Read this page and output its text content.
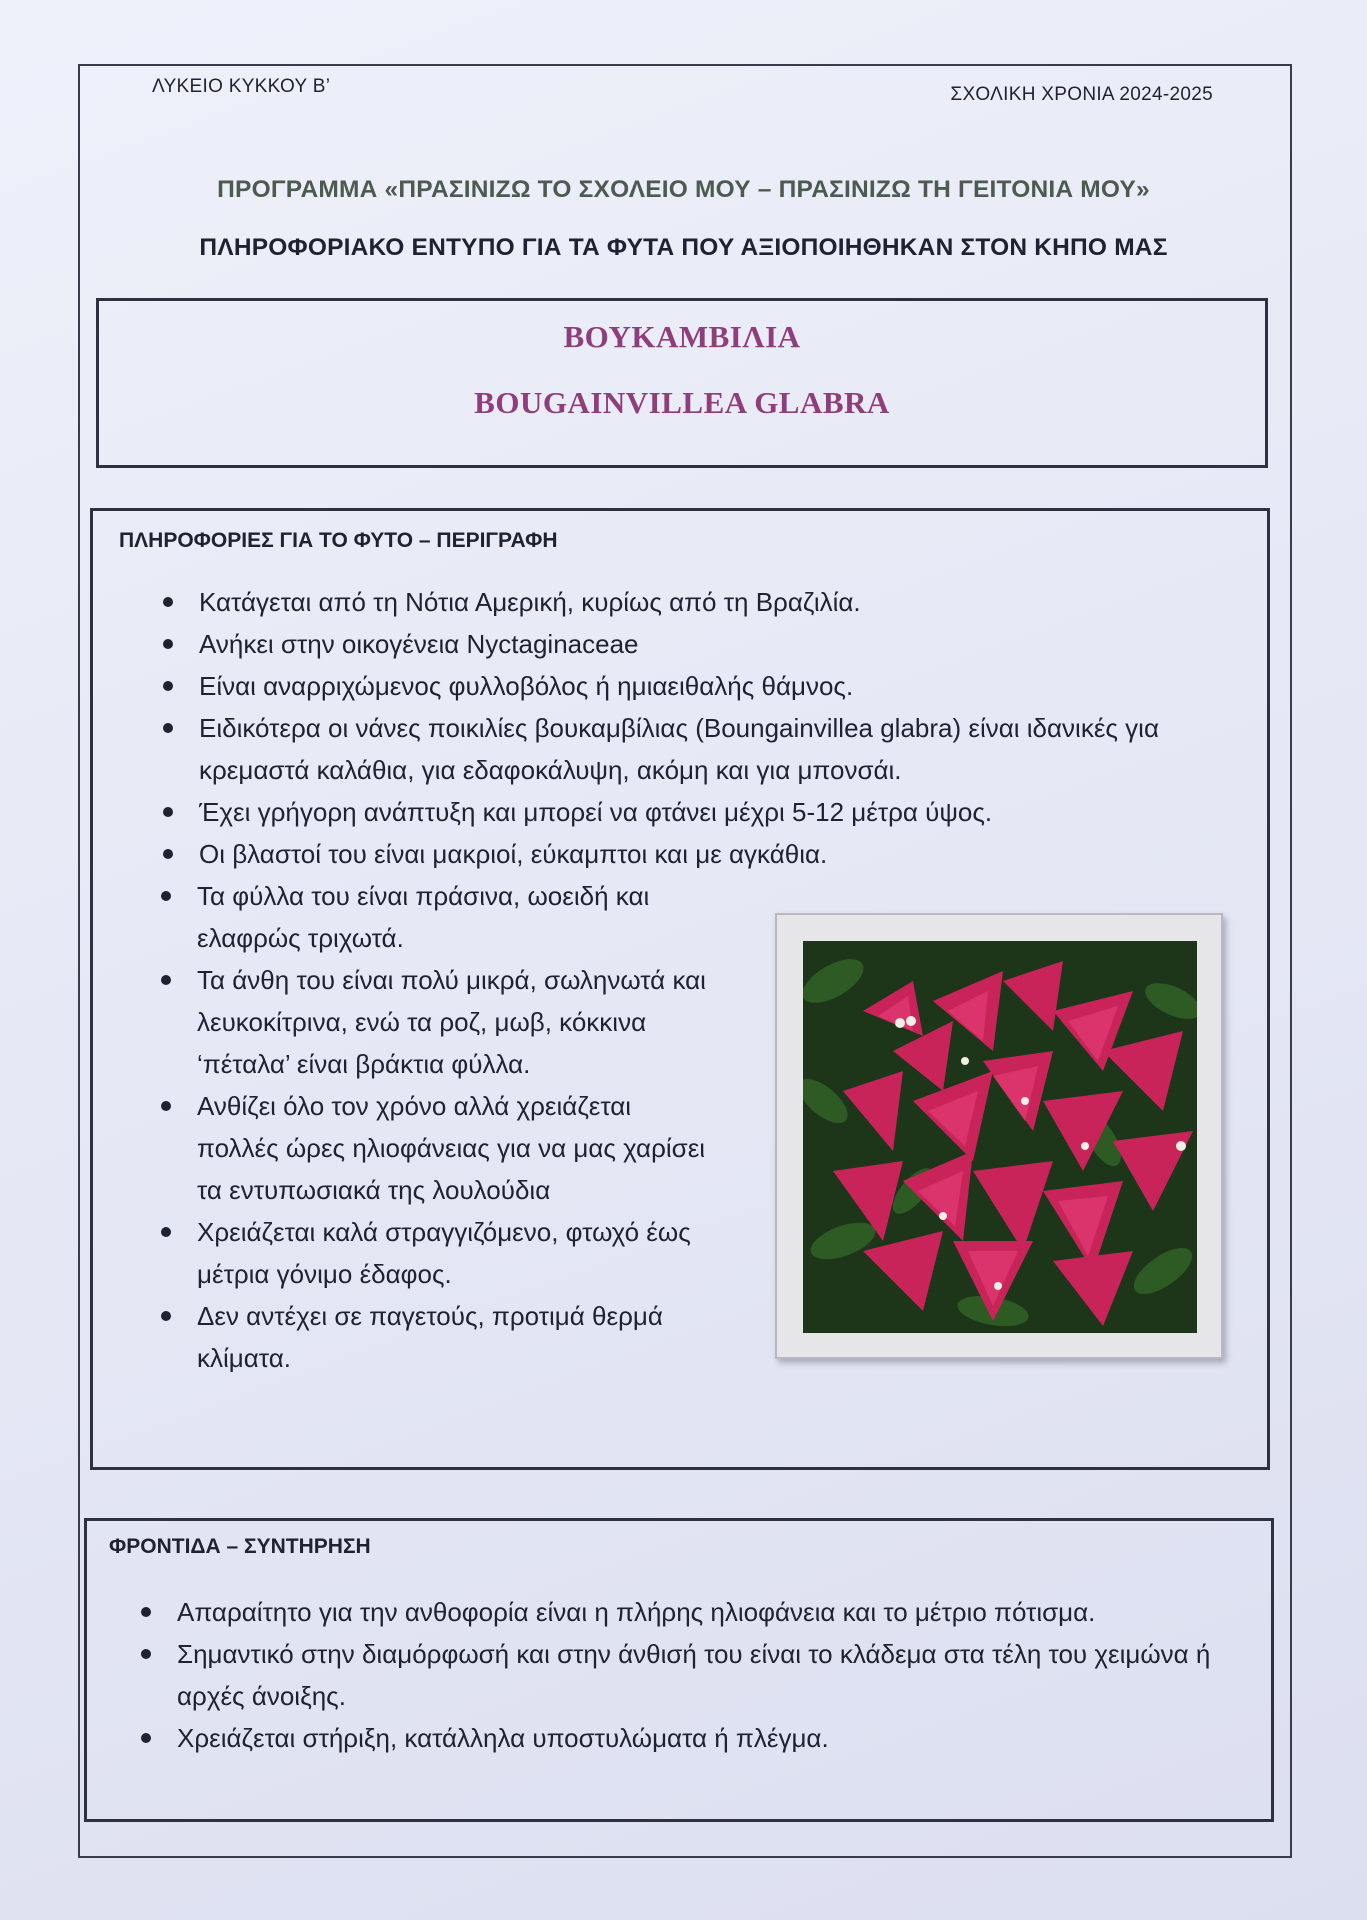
ΛΥΚΕΙΟ ΚΥΚΚΟΥ Β’	ΣΧΟΛΙΚΗ ΧΡΟΝΙΑ 2024-2025
ΠΡΟΓΡΑΜΜΑ «ΠΡΑΣΙΝΙΖΩ ΤΟ ΣΧΟΛΕΙΟ ΜΟΥ – ΠΡΑΣΙΝΙΖΩ ΤΗ ΓΕΙΤΟΝΙΑ ΜΟΥ»
ΠΛΗΡΟΦΟΡΙΑΚΟ ΕΝΤΥΠΟ ΓΙΑ ΤΑ ΦΥΤΑ ΠΟΥ ΑΞΙΟΠΟΙΗΘΗΚΑΝ ΣΤΟΝ ΚΗΠΟ ΜΑΣ
ΒΟΥΚΑΜΒΙΛΙΑ
BOUGAINVILLEA GLABRA
ΠΛΗΡΟΦΟΡΙΕΣ ΓΙΑ ΤΟ ΦΥΤΟ – ΠΕΡΙΓΡΑΦΗ
Κατάγεται από τη Νότια Αμερική, κυρίως από τη Βραζιλία.
Ανήκει στην οικογένεια Nyctaginaceae
Είναι αναρριχώμενος φυλλοβόλος ή ημιαειθαλής θάμνος.
Ειδικότερα οι νάνες ποικιλίες βουκαμβίλιας (Boungainvillea glabra) είναι ιδανικές για κρεμαστά καλάθια, για εδαφοκάλυψη, ακόμη και για μπονσάι.
Έχει γρήγορη ανάπτυξη και μπορεί να φτάνει μέχρι 5-12 μέτρα ύψος.
Οι βλαστοί του είναι μακριοί, εύκαμπτοι και με αγκάθια.
Τα φύλλα του είναι πράσινα, ωοειδή και ελαφρώς τριχωτά.
Τα άνθη του είναι πολύ μικρά, σωληνωτά και λευκοκίτρινα, ενώ τα ροζ, μωβ, κόκκινα ‘πέταλα’ είναι βράκτια φύλλα.
Ανθίζει όλο τον χρόνο αλλά χρειάζεται πολλές ώρες ηλιοφάνειας για να μας χαρίσει τα εντυπωσιακά της λουλούδια
Χρειάζεται καλά στραγγιζόμενο, φτωχό έως μέτρια γόνιμο έδαφος.
Δεν αντέχει σε παγετούς, προτιμά θερμά κλίματα.
ΦΡΟΝΤΙΔΑ – ΣΥΝΤΗΡΗΣΗ
Απαραίτητο για την ανθοφορία είναι η πλήρης ηλιοφάνεια και το μέτριο πότισμα.
Σημαντικό στην διαμόρφωσή και στην άνθισή του είναι το κλάδεμα στα τέλη του χειμώνα ή αρχές άνοιξης.
Χρειάζεται στήριξη, κατάλληλα υποστυλώματα ή πλέγμα.
